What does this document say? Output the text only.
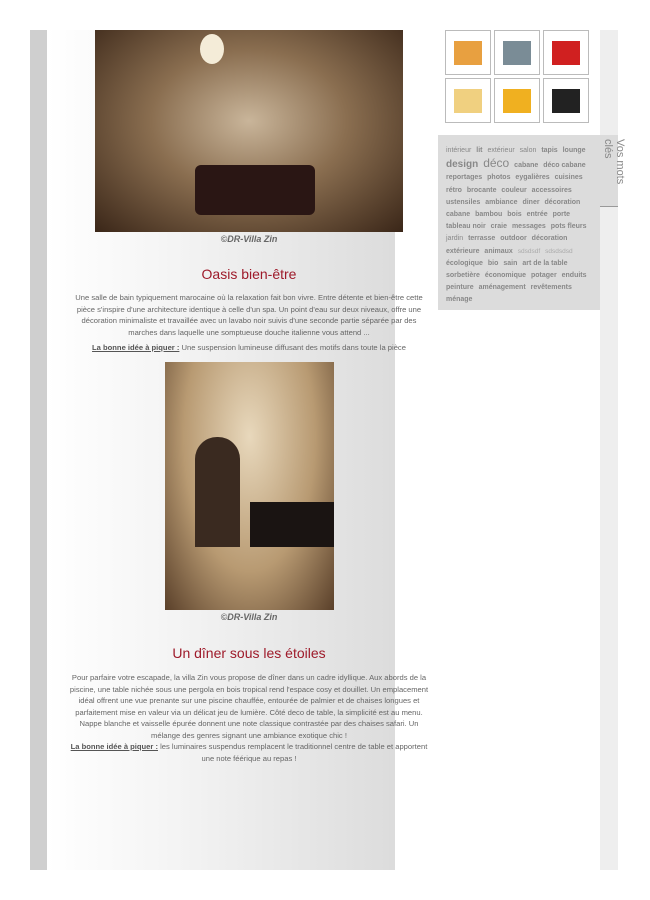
©DR-Villa Zin
Oasis bien-être
Une salle de bain typiquement marocaine où la relaxation fait bon vivre. Entre détente et bien-être cette pièce s'inspire d'une architecture identique à celle d'un spa. Un point d'eau sur deux niveaux, offre une décoration minimaliste et travaillée avec un lavabo noir suivis d'une seconde partie séparée par des marches dans laquelle une somptueuse douche italienne vous attend ...
La bonne idée à piquer : Une suspension lumineuse diffusant des motifs dans toute la pièce
©DR-Villa Zin
Un dîner sous les étoiles
Pour parfaire votre escapade, la villa Zin vous propose de dîner dans un cadre idyllique. Aux abords de la piscine, une table nichée sous une pergola en bois tropical rend l'espace cosy et douillet. Un emplacement idéal offrent une vue prenante sur une piscine chauffée, entourée de palmier et de chaises longues et parfaitement mise en valeur via un délicat jeu de lumière. Côté deco de table, la simplicité est au menu. Nappe blanche et vaisselle épurée donnent une note classique contrastée par des chaises safari. Un mélange des genres signant une ambiance exotique chic !
La bonne idée à piquer : les luminaires suspendus remplacent le traditionnel centre de table et apportent une note féérique au repas !
intérieur lit extérieur salon tapis lounge design déco cabane déco cabane reportages photos eygalières cuisines rétro brocante couleur accessoires ustensiles ambiance diner décoration cabane bambou bois entrée porte tableau noir craie messages pots fleurs jardin terrasse outdoor décoration extérieure animaux sdsdsdf sdsdsdsd écologique bio sain art de la table sorbetière économique potager enduits peinture aménagement revêtements ménage
Vos mots clés
